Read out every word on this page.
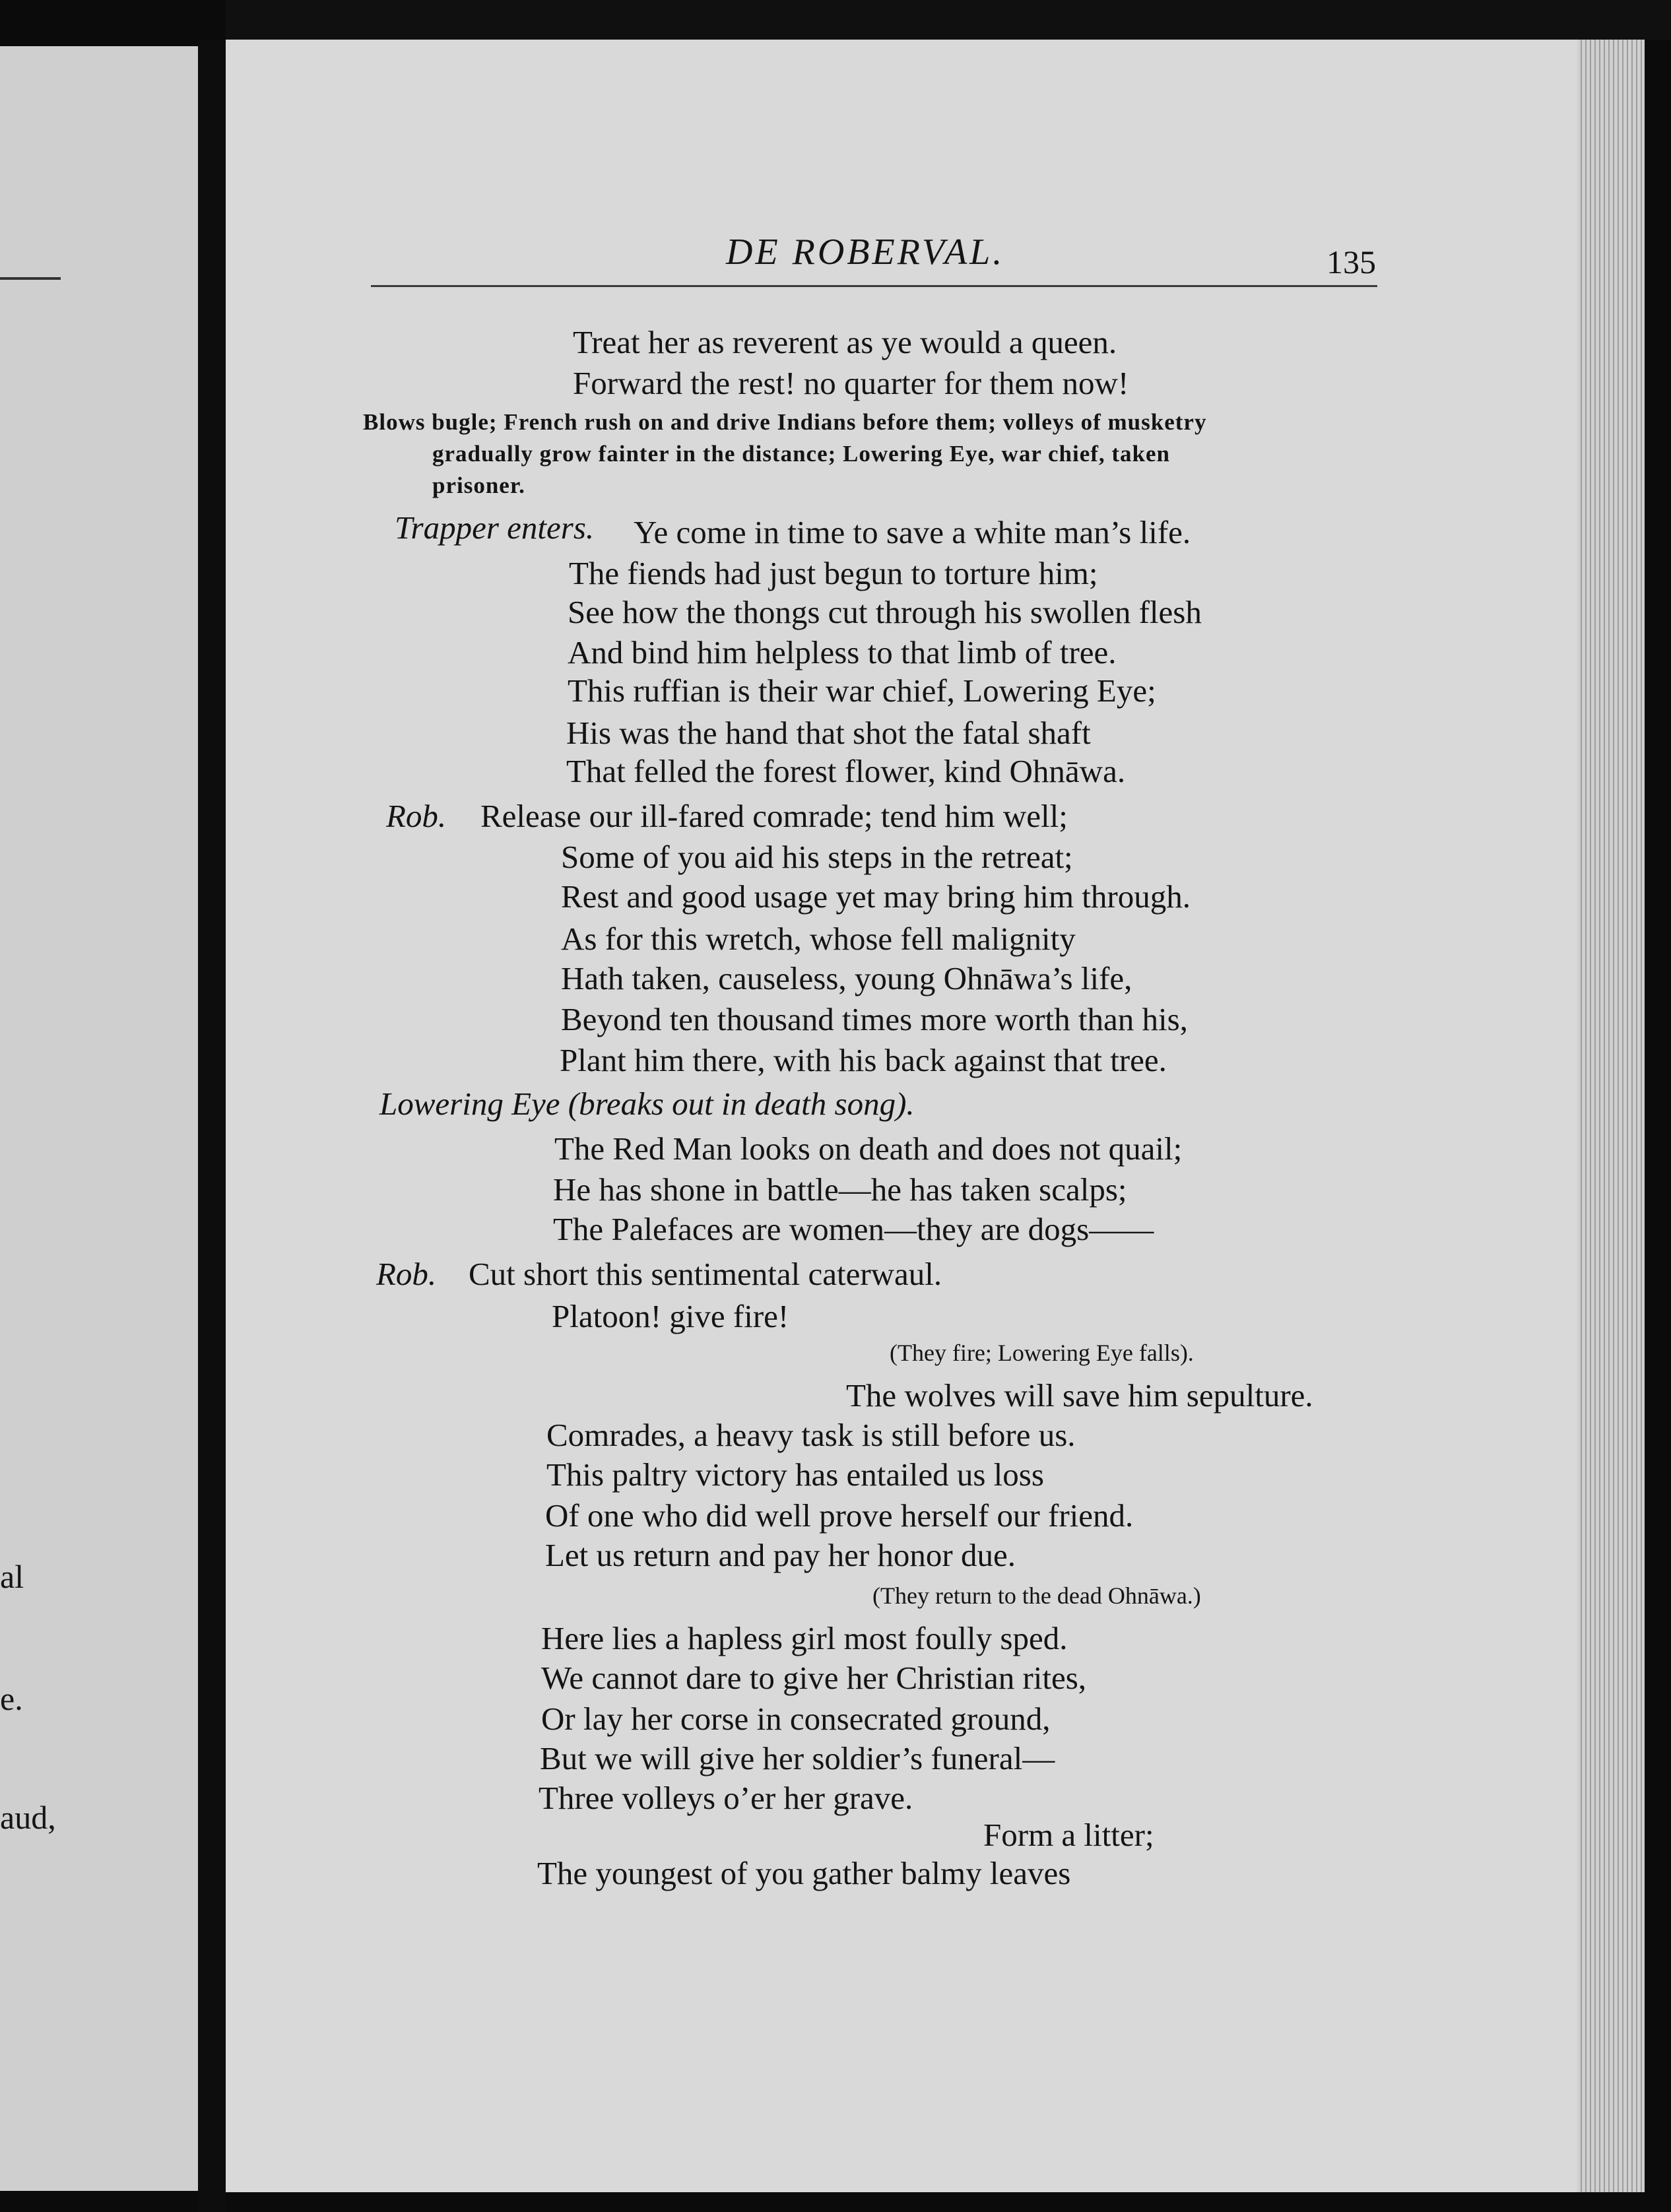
al
e.
aud,
DE ROBERVAL.	135
Treat her as reverent as ye would a queen.
Forward the rest! no quarter for them now!
Blows bugle; French rush on and drive Indians before them; volleys of musketry
gradually grow fainter in the distance; Lowering Eye, war chief, taken
prisoner.
Trapper enters. Ye come in time to save a white man’s life.
The fiends had just begun to torture him;
See how the thongs cut through his swollen flesh
And bind him helpless to that limb of tree.
This ruffian is their war chief, Lowering Eye;
His was the hand that shot the fatal shaft
That felled the forest flower, kind Ohnāwa.
Rob. Release our ill-fared comrade; tend him well;
Some of you aid his steps in the retreat;
Rest and good usage yet may bring him through.
As for this wretch, whose fell malignity
Hath taken, causeless, young Ohnāwa’s life,
Beyond ten thousand times more worth than his,
Plant him there, with his back against that tree.
Lowering Eye (breaks out in death song).
The Red Man looks on death and does not quail;
He has shone in battle—he has taken scalps;
The Palefaces are women—they are dogs——
Rob. Cut short this sentimental caterwaul.
Platoon! give fire!
(They fire; Lowering Eye falls).
The wolves will save him sepulture.
Comrades, a heavy task is still before us.
This paltry victory has entailed us loss
Of one who did well prove herself our friend.
Let us return and pay her honor due.
(They return to the dead Ohnāwa.)
Here lies a hapless girl most foully sped.
We cannot dare to give her Christian rites,
Or lay her corse in consecrated ground,
But we will give her soldier’s funeral—
Three volleys o’er her grave.
Form a litter;
The youngest of you gather balmy leaves
